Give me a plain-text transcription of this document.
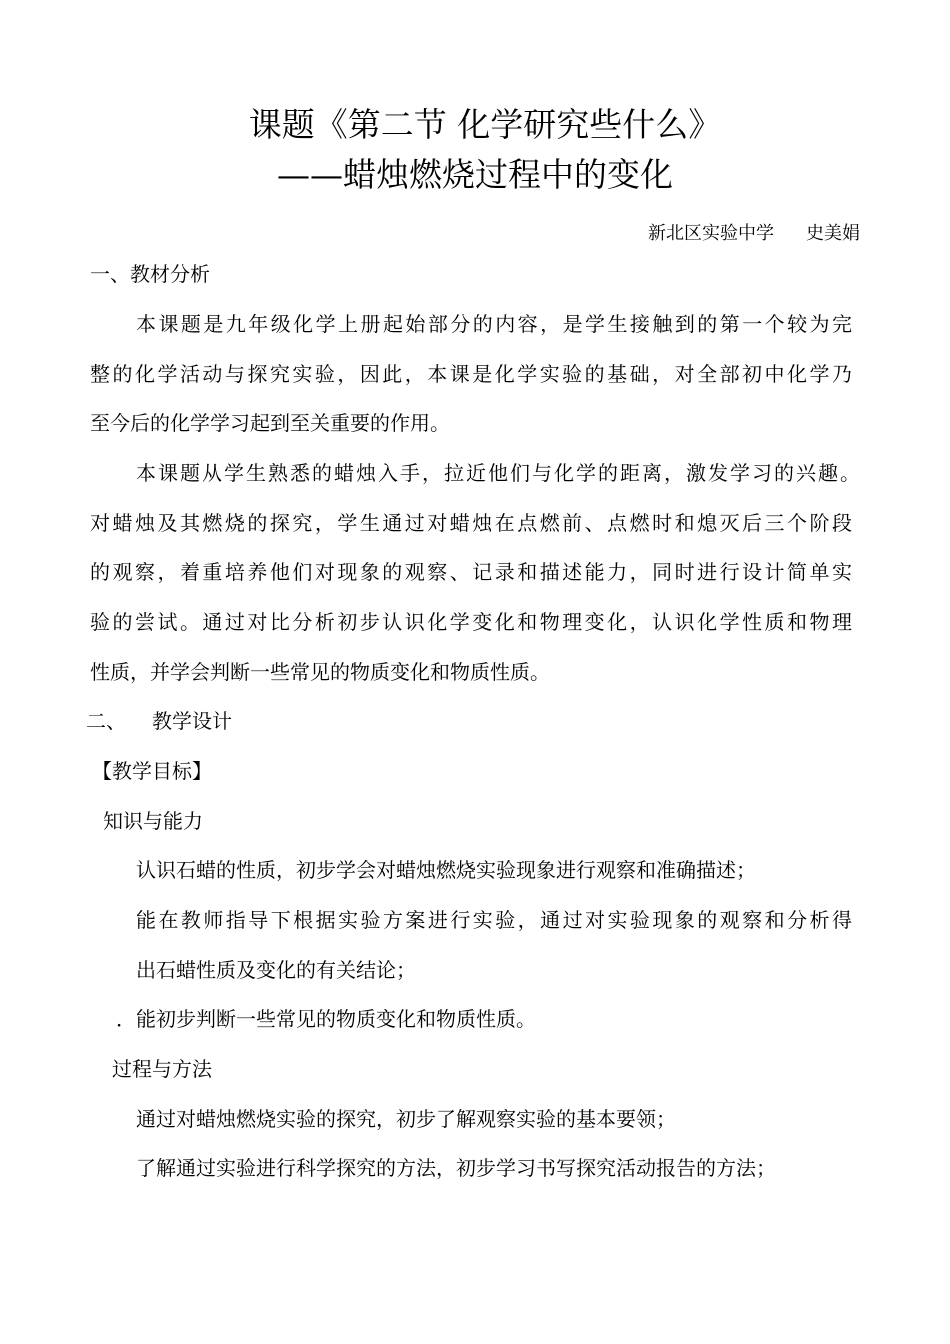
课题《第二节 化学研究些什么》
——蜡烛燃烧过程中的变化
新北区实验中学 史美娟
一、教材分析
本课题是九年级化学上册起始部分的内容，是学生接触到的第一个较为完
整的化学活动与探究实验，因此，本课是化学实验的基础，对全部初中化学乃
至今后的化学学习起到至关重要的作用。
本课题从学生熟悉的蜡烛入手，拉近他们与化学的距离，激发学习的兴趣。
对蜡烛及其燃烧的探究，学生通过对蜡烛在点燃前、点燃时和熄灭后三个阶段
的观察，着重培养他们对现象的观察、记录和描述能力，同时进行设计简单实
验的尝试。通过对比分析初步认识化学变化和物理变化，认识化学性质和物理
性质，并学会判断一些常见的物质变化和物质性质。
二、 教学设计
【教学目标】
知识与能力
认识石蜡的性质，初步学会对蜡烛燃烧实验现象进行观察和准确描述；
能在教师指导下根据实验方案进行实验，通过对实验现象的观察和分析得
出石蜡性质及变化的有关结论；
．能初步判断一些常见的物质变化和物质性质。
过程与方法
通过对蜡烛燃烧实验的探究，初步了解观察实验的基本要领；
了解通过实验进行科学探究的方法，初步学习书写探究活动报告的方法；
